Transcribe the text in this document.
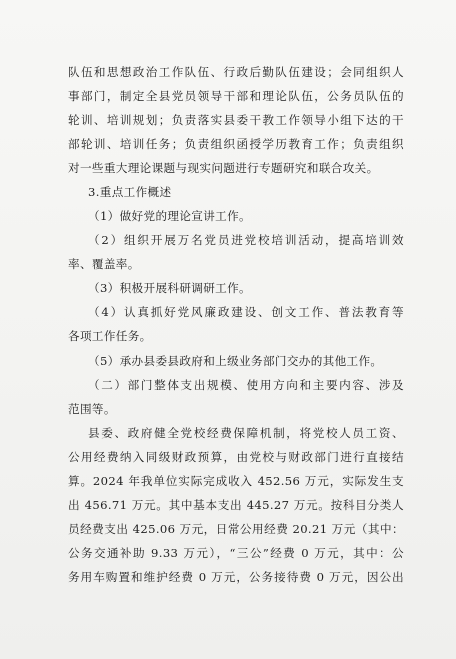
队伍和思想政治工作队伍、行政后勤队伍建设；会同组织人
事部门，制定全县党员领导干部和理论队伍，公务员队伍的
轮训、培训规划；负责落实县委干教工作领导小组下达的干
部轮训、培训任务；负责组织函授学历教育工作；负责组织
对一些重大理论课题与现实问题进行专题研究和联合攻关。
3.重点工作概述
（1）做好党的理论宣讲工作。
（2）组织开展万名党员进党校培训活动，提高培训效
率、覆盖率。
（3）积极开展科研调研工作。
（4）认真抓好党风廉政建设、创文工作、普法教育等
各项工作任务。
（5）承办县委县政府和上级业务部门交办的其他工作。
（二）部门整体支出规模、使用方向和主要内容、涉及
范围等。
县委、政府健全党校经费保障机制，将党校人员工资、
公用经费纳入同级财政预算，由党校与财政部门进行直接结
算。2024 年我单位实际完成收入 452.56 万元，实际发生支
出 456.71 万元。其中基本支出 445.27 万元。按科目分类人
员经费支出 425.06 万元，日常公用经费 20.21 万元（其中：
公务交通补助 9.33 万元），“三公”经费 0 万元，其中：公
务用车购置和维护经费 0 万元，公务接待费 0 万元，因公出
